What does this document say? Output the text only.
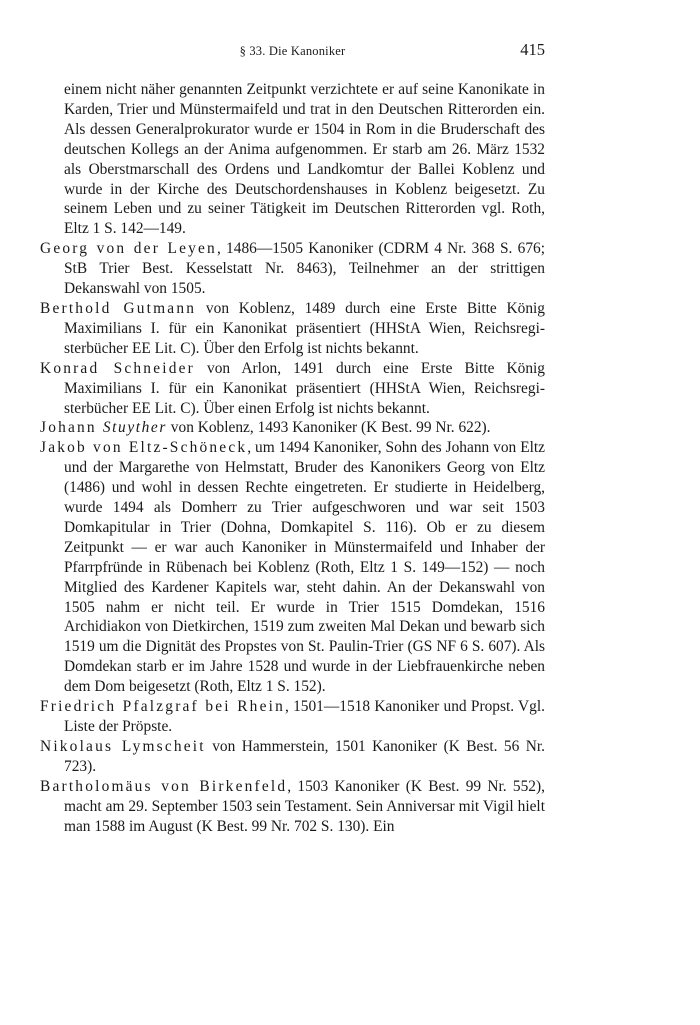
§ 33. Die Kanoniker	415

einem nicht näher genannten Zeitpunkt verzichtete er auf seine Kanonikate in Karden, Trier und Münstermaifeld und trat in den Deutschen Ritterorden ein. Als dessen Generalprokurator wurde er 1504 in Rom in die Bruderschaft des deutschen Kollegs an der Anima aufgenommen. Er starb am 26. März 1532 als Oberstmarschall des Ordens und Landkomtur der Ballei Koblenz und wurde in der Kirche des Deutschordenshauses in Koblenz beigesetzt. Zu seinem Leben und zu seiner Tätigkeit im Deutschen Ritterorden vgl. Roth, Eltz 1 S. 142—149.

Georg von der Leyen, 1486—1505 Kanoniker (CDRM 4 Nr. 368 S. 676; StB Trier Best. Kesselstatt Nr. 8463), Teilnehmer an der strittigen Dekanswahl von 1505.

Berthold Gutmann von Koblenz, 1489 durch eine Erste Bitte König Maximilians I. für ein Kanonikat präsentiert (HHStA Wien, Reichsregisterbücher EE Lit. C). Über den Erfolg ist nichts bekannt.

Konrad Schneider von Arlon, 1491 durch eine Erste Bitte König Maximilians I. für ein Kanonikat präsentiert (HHStA Wien, Reichsregisterbücher EE Lit. C). Über einen Erfolg ist nichts bekannt.

Johann Stuyther von Koblenz, 1493 Kanoniker (K Best. 99 Nr. 622).

Jakob von Eltz-Schöneck, um 1494 Kanoniker, Sohn des Johann von Eltz und der Margarethe von Helmstatt, Bruder des Kanonikers Georg von Eltz (1486) und wohl in dessen Rechte eingetreten. Er studierte in Heidelberg, wurde 1494 als Domherr zu Trier aufgeschworen und war seit 1503 Domkapitular in Trier (Dohna, Domkapitel S. 116). Ob er zu diesem Zeitpunkt — er war auch Kanoniker in Münstermaifeld und Inhaber der Pfarrpfründe in Rübenach bei Koblenz (Roth, Eltz 1 S. 149—152) — noch Mitglied des Kardener Kapitels war, steht dahin. An der Dekanswahl von 1505 nahm er nicht teil. Er wurde in Trier 1515 Domdekan, 1516 Archidiakon von Dietkirchen, 1519 zum zweiten Mal Dekan und bewarb sich 1519 um die Dignität des Propstes von St. Paulin-Trier (GS NF 6 S. 607). Als Domdekan starb er im Jahre 1528 und wurde in der Liebfrauenkirche neben dem Dom beigesetzt (Roth, Eltz 1 S. 152).

Friedrich Pfalzgraf bei Rhein, 1501—1518 Kanoniker und Propst. Vgl. Liste der Pröpste.

Nikolaus Lymscheit von Hammerstein, 1501 Kanoniker (K Best. 56 Nr. 723).

Bartholomäus von Birkenfeld, 1503 Kanoniker (K Best. 99 Nr. 552), macht am 29. September 1503 sein Testament. Sein Anniversar mit Vigil hielt man 1588 im August (K Best. 99 Nr. 702 S. 130). Ein
